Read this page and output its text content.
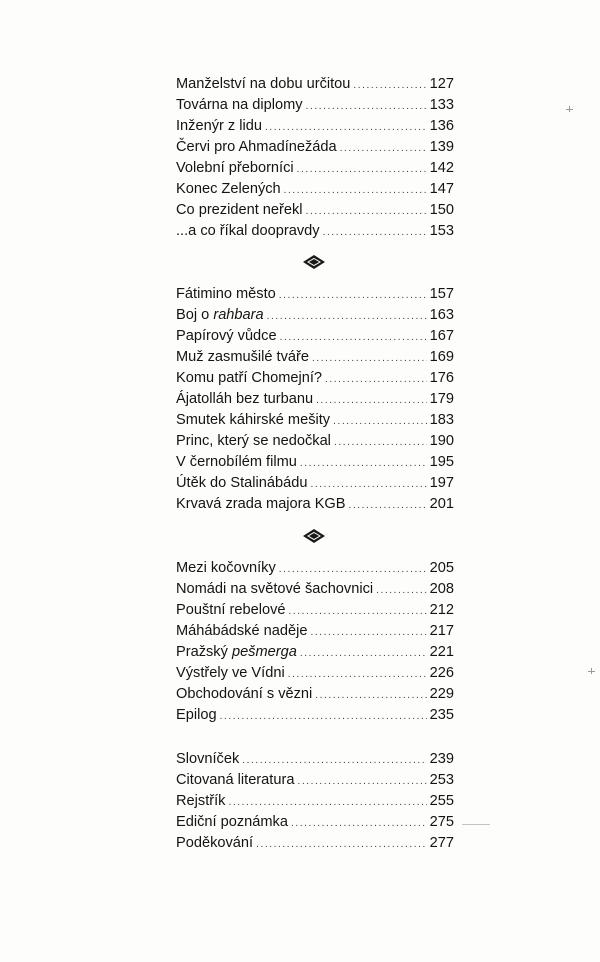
Manželství na dobu určitou .....	127
Továrna na diplomy .....	133
Inženýr z lidu .....	136
Červi pro Ahmadínežáda .....	139
Volební přeborníci .....	142
Konec Zelených .....	147
Co prezident neřekl .....	150
...a co říkal doopravdy .....	153
Fátimino město .....	157
Boj o rahbara .....	163
Papírový vůdce .....	167
Muž zasmušilé tváře .....	169
Komu patří Chomejní? .....	176
Ájatolláh bez turbanu .....	179
Smutek káhirské mešity .....	183
Princ, který se nedočkal .....	190
V černobílém filmu .....	195
Útěk do Stalinábádu .....	197
Krvavá zrada majora KGB .....	201
Mezi kočovníky .....	205
Nomádi na světové šachovnici .....	208
Pouštní rebelové .....	212
Máhábádské naděje .....	217
Pražský pešmerga .....	221
Výstřely ve Vídni .....	226
Obchodování s vězni .....	229
Epilog .....	235
Slovníček .....	239
Citovaná literatura .....	253
Rejstřík .....	255
Ediční poznámka .....	275
Poděkování .....	277
